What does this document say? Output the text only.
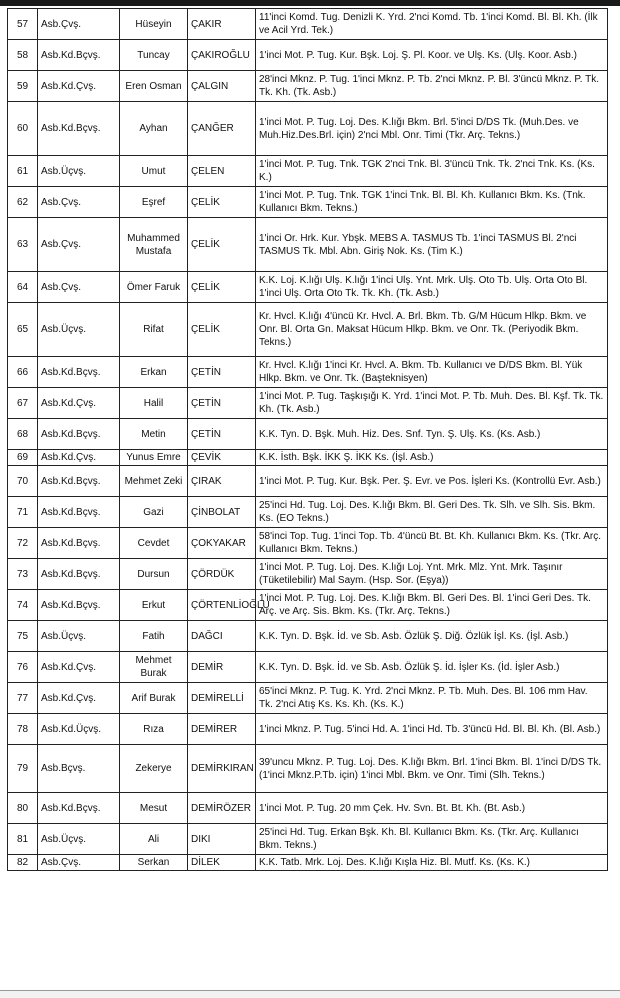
57	Asb.Çvş.	Hüseyin	ÇAKIR	11'inci Komd. Tug. Denizli K. Yrd. 2'nci Komd. Tb. 1'inci Komd. Bl. Bl. Kh. (İlk ve Acil Yrd. Tek.)
58	Asb.Kd.Bçvş.	Tuncay	ÇAKIROĞLU	1'inci Mot. P. Tug. Kur. Bşk. Loj. Ş. Pl. Koor. ve Ulş. Ks. (Ulş. Koor. Asb.)
59	Asb.Kd.Çvş.	Eren Osman	ÇALGIN	28'inci Mknz. P. Tug. 1'inci Mknz. P. Tb. 2'nci Mknz. P. Bl. 3'üncü Mknz. P. Tk. Tk. Kh. (Tk. Asb.)
60	Asb.Kd.Bçvş.	Ayhan	ÇANĞER	1'inci Mot. P. Tug. Loj. Des. K.lığı Bkm. Brl. 5'inci D/DS Tk. (Muh.Des. ve Muh.Hiz.Des.Brl. için) 2'nci Mbl. Onr. Timi (Tkr. Arç. Tekns.)
61	Asb.Üçvş.	Umut	ÇELEN	1'inci Mot. P. Tug. Tnk. TGK 2'nci Tnk. Bl. 3'üncü Tnk. Tk. 2'nci Tnk. Ks. (Ks. K.)
62	Asb.Çvş.	Eşref	ÇELİK	1'inci Mot. P. Tug. Tnk. TGK 1'inci Tnk. Bl. Bl. Kh. Kullanıcı Bkm. Ks. (Tnk. Kullanıcı Bkm. Tekns.)
63	Asb.Çvş.	Muhammed Mustafa	ÇELİK	1'inci Or. Hrk. Kur. Ybşk. MEBS A. TASMUS Tb. 1'inci TASMUS Bl. 2'nci TASMUS Tk. Mbl. Abn. Giriş Nok. Ks. (Tim K.)
64	Asb.Çvş.	Ömer Faruk	ÇELİK	K.K. Loj. K.lığı Ulş. K.lığı 1'inci Ulş. Ynt. Mrk. Ulş. Oto Tb. Ulş. Orta Oto Bl. 1'inci Ulş. Orta Oto Tk. Tk. Kh. (Tk. Asb.)
65	Asb.Üçvş.	Rifat	ÇELİK	Kr. Hvcl. K.lığı 4'üncü Kr. Hvcl. A. Brl. Bkm. Tb. G/M Hücum Hlkp. Bkm. ve Onr. Bl. Orta Gn. Maksat Hücum Hlkp. Bkm. ve Onr. Tk. (Periyodik Bkm. Tekns.)
66	Asb.Kd.Bçvş.	Erkan	ÇETİN	Kr. Hvcl. K.lığı 1'inci Kr. Hvcl. A. Bkm. Tb. Kullanıcı ve D/DS Bkm. Bl. Yük Hlkp. Bkm. ve Onr. Tk. (Başteknisyen)
67	Asb.Kd.Çvş.	Halil	ÇETİN	1'inci Mot. P. Tug. Taşkışığı K. Yrd. 1'inci Mot. P. Tb. Muh. Des. Bl. Kşf. Tk. Tk. Kh. (Tk. Asb.)
68	Asb.Kd.Bçvş.	Metin	ÇETİN	K.K. Tyn. D. Bşk. Muh. Hiz. Des. Snf. Tyn. Ş. Ulş. Ks. (Ks. Asb.)
69	Asb.Kd.Çvş.	Yunus Emre	ÇEVİK	K.K. İsth. Bşk. İKK Ş. İKK Ks. (İşl. Asb.)
70	Asb.Kd.Bçvş.	Mehmet Zeki	ÇIRAK	1'inci Mot. P. Tug. Kur. Bşk. Per. Ş. Evr. ve Pos. İşleri Ks. (Kontrollü Evr. Asb.)
71	Asb.Kd.Bçvş.	Gazi	ÇİNBOLAT	25'inci Hd. Tug. Loj. Des. K.lığı Bkm. Bl. Geri Des. Tk. Slh. ve Slh. Sis. Bkm. Ks. (EO Tekns.)
72	Asb.Kd.Bçvş.	Cevdet	ÇOKYAKAR	58'inci Top. Tug. 1'inci Top. Tb. 4'üncü Bt. Bt. Kh. Kullanıcı Bkm. Ks. (Tkr. Arç. Kullanıcı Bkm. Tekns.)
73	Asb.Kd.Bçvş.	Dursun	ÇÖRDÜK	1'inci Mot. P. Tug. Loj. Des. K.lığı Loj. Ynt. Mrk. Mlz. Ynt. Mrk. Taşınır (Tüketilebilir) Mal Saym. (Hsp. Sor. (Eşya))
74	Asb.Kd.Bçvş.	Erkut	ÇÖRTENLİOĞLU	1'inci Mot. P. Tug. Loj. Des. K.lığı Bkm. Bl. Geri Des. Bl. 1'inci Geri Des. Tk. Arç. ve Arç. Sis. Bkm. Ks. (Tkr. Arç. Tekns.)
75	Asb.Üçvş.	Fatih	DAĞCI	K.K. Tyn. D. Bşk. İd. ve Sb. Asb. Özlük Ş. Diğ. Özlük İşl. Ks. (İşl. Asb.)
76	Asb.Kd.Çvş.	Mehmet Burak	DEMİR	K.K. Tyn. D. Bşk. İd. ve Sb. Asb. Özlük Ş. İd. İşler Ks. (İd. İşler Asb.)
77	Asb.Kd.Çvş.	Arif Burak	DEMİRELLİ	65'inci Mknz. P. Tug. K. Yrd. 2'nci Mknz. P. Tb. Muh. Des. Bl. 106 mm Hav. Tk. 2'nci Atış Ks. Ks. Kh. (Ks. K.)
78	Asb.Kd.Üçvş.	Rıza	DEMİRER	1'inci Mknz. P. Tug. 5'inci Hd. A. 1'inci Hd. Tb. 3'üncü Hd. Bl. Bl. Kh. (Bl. Asb.)
79	Asb.Bçvş.	Zekerye	DEMİRKIRAN	39'uncu Mknz. P. Tug. Loj. Des. K.lığı Bkm. Brl. 1'inci Bkm. Bl. 1'inci D/DS Tk. (1'inci Mknz.P.Tb. için) 1'inci Mbl. Bkm. ve Onr. Timi (Slh. Tekns.)
80	Asb.Kd.Bçvş.	Mesut	DEMİRÖZER	1'inci Mot. P. Tug. 20 mm Çek. Hv. Svn. Bt. Bt. Kh. (Bt. Asb.)
81	Asb.Üçvş.	Ali	DIKI	25'inci Hd. Tug. Erkan Bşk. Kh. Bl. Kullanıcı Bkm. Ks. (Tkr. Arç. Kullanıcı Bkm. Tekns.)
82	Asb.Çvş.	Serkan	DİLEK	K.K. Tatb. Mrk. Loj. Des. K.lığı Kışla Hiz. Bl. Mutf. Ks. (Ks. K.)
